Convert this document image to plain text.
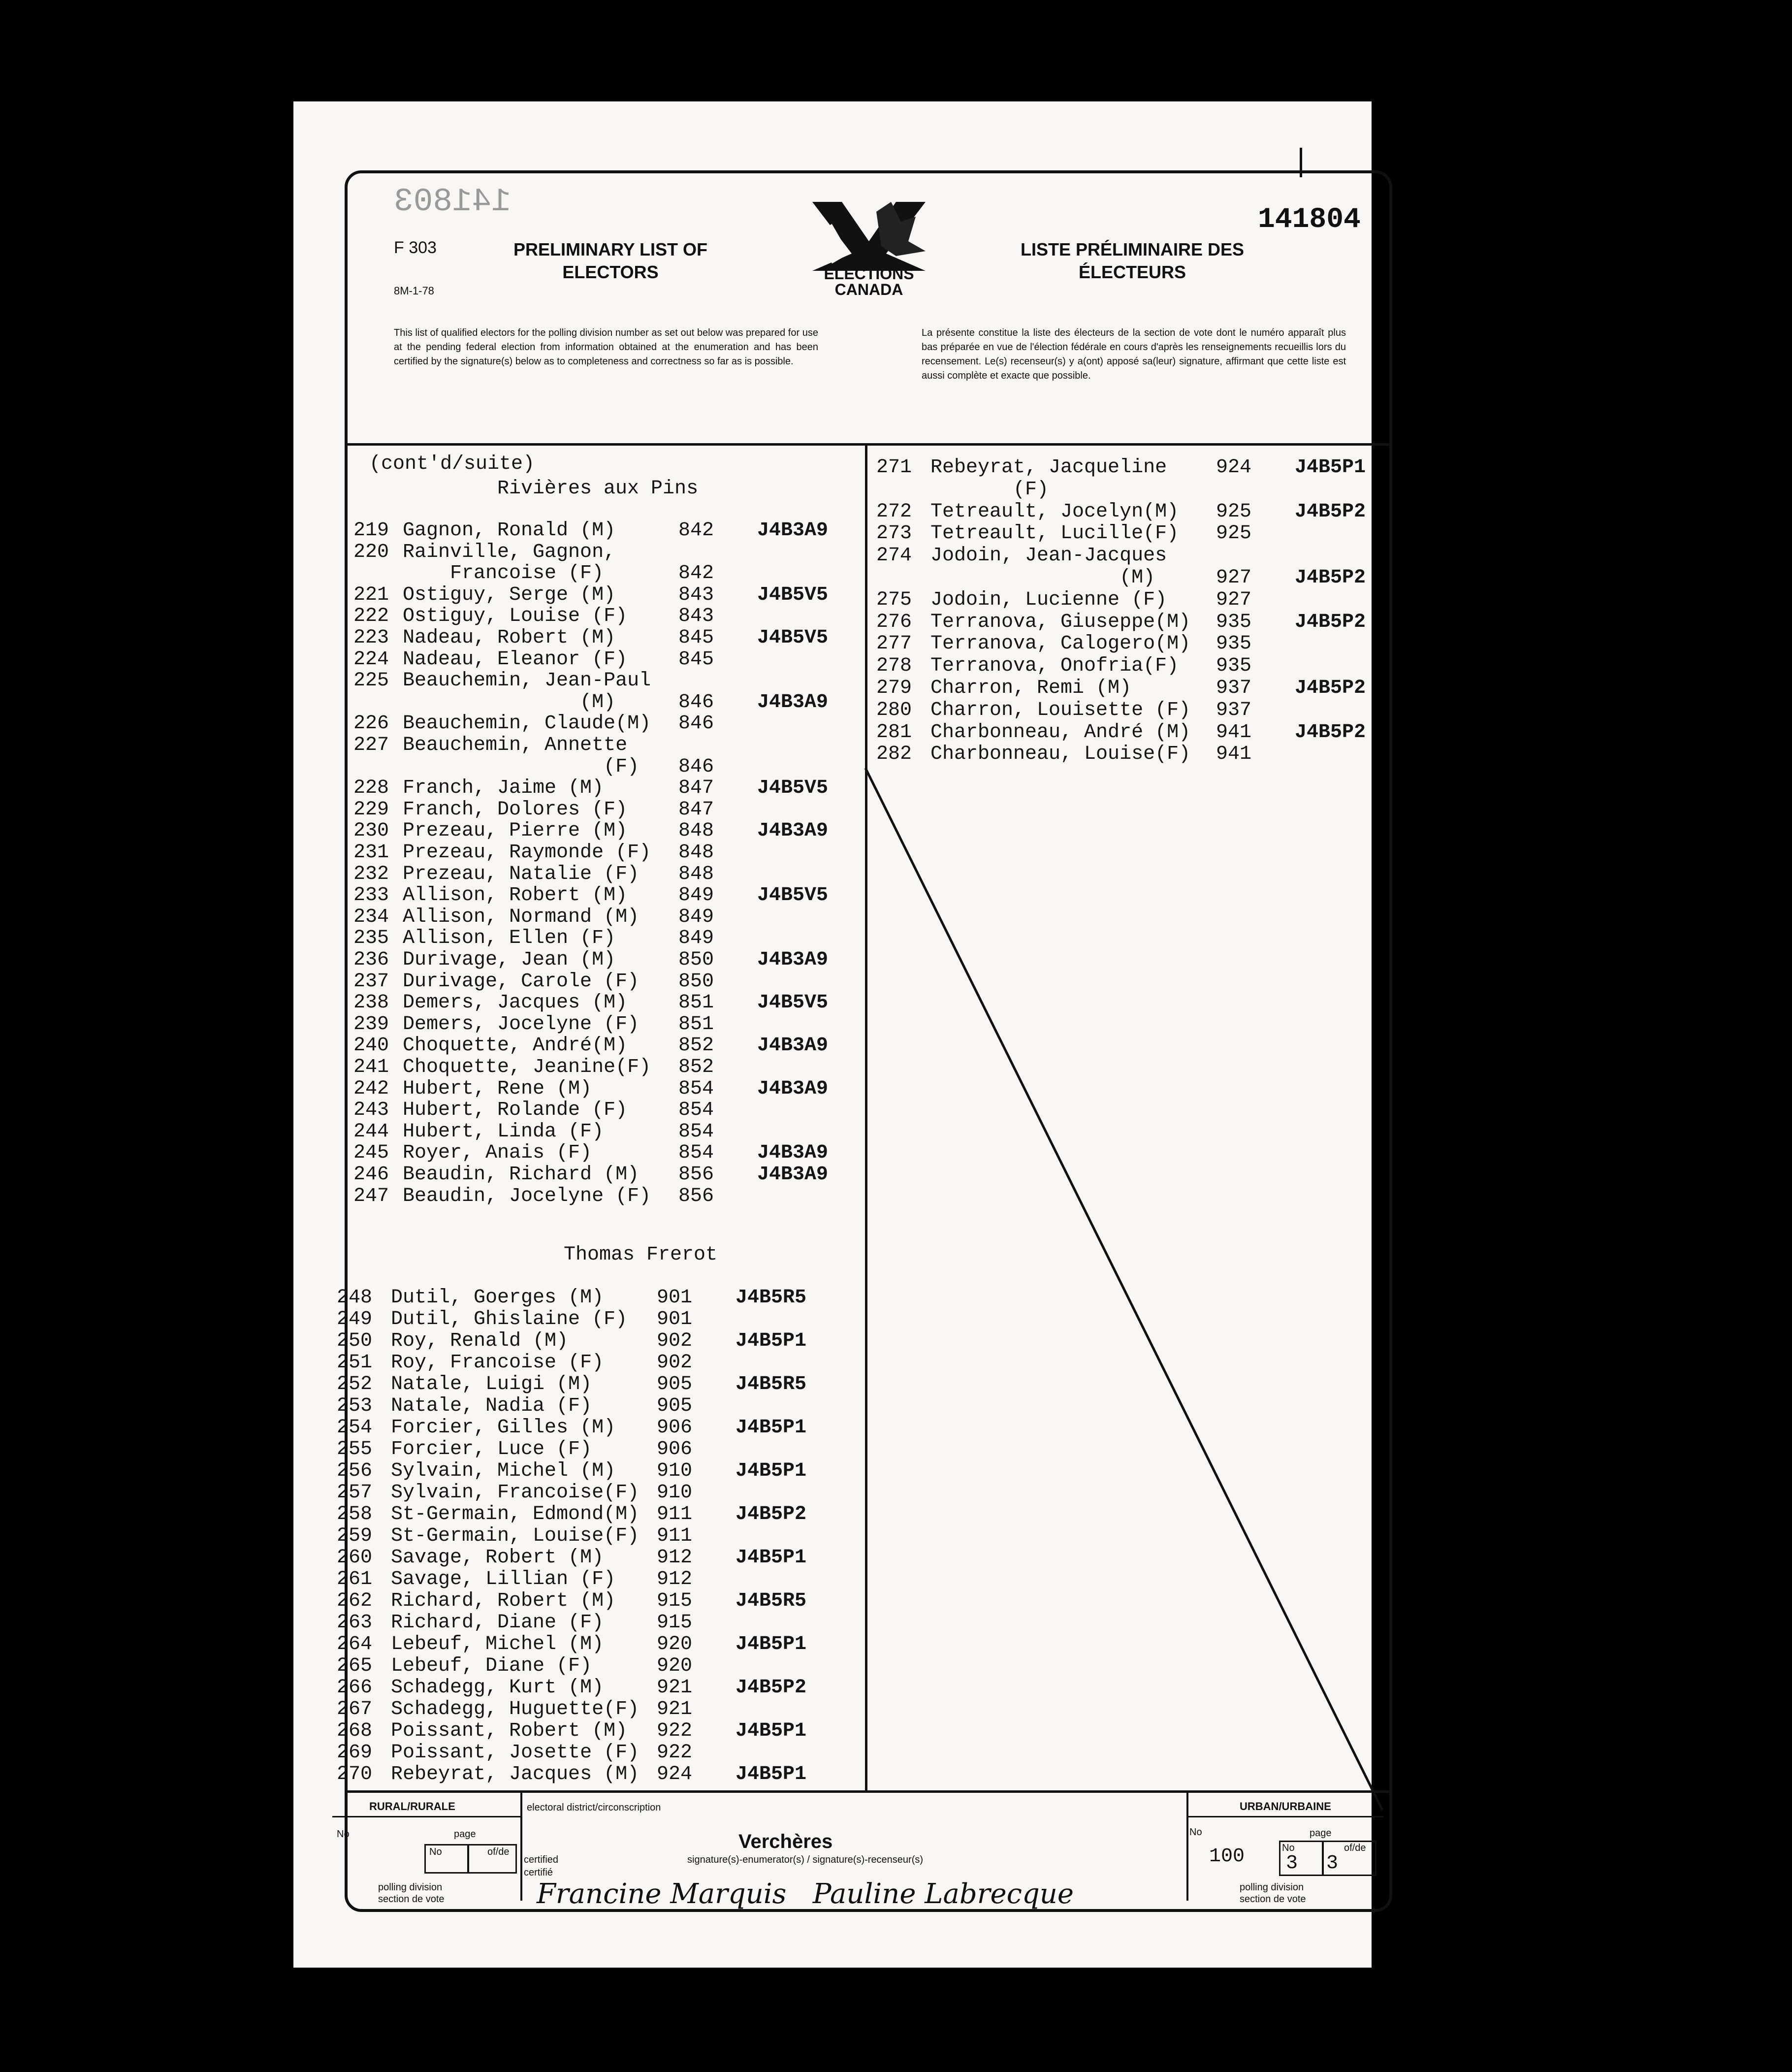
141803	141804
F 303
8M-1-78
PRELIMINARY LIST OF ELECTORS
LISTE PRÉLIMINAIRE DES ÉLECTEURS
ELECTIONS CANADA
This list of qualified electors for the polling division number as set out below was prepared for use at the pending federal election from information obtained at the enumeration and has been certified by the signature(s) below as to completeness and correctness so far as is possible.
La présente constitue la liste des électeurs de la section de vote dont le numéro apparaît plus bas préparée en vue de l'élection fédérale en cours d'après les renseignements recueillis lors du recensement. Le(s) recenseur(s) y a(ont) apposé sa(leur) signature, affirmant que cette liste est aussi complète et exacte que possible.
(cont'd/suite)
Rivières aux Pins
219 Gagnon, Ronald (M)	842 J4B3A9
220 Rainville, Gagnon,
Francoise (F)	842
221 Ostiguy, Serge (M)	843 J4B5V5
222 Ostiguy, Louise (F)	843
223 Nadeau, Robert (M)	845 J4B5V5
224 Nadeau, Eleanor (F)	845
225 Beauchemin, Jean-Paul
(M)	846 J4B3A9
226 Beauchemin, Claude(M) 846
227 Beauchemin, Annette
(F) 846
228 Franch, Jaime (M)	847 J4B5V5
229 Franch, Dolores (F)	847
230 Prezeau, Pierre (M)	848 J4B3A9
231 Prezeau, Raymonde (F) 848
232 Prezeau, Natalie (F) 848
233 Allison, Robert (M)	849 J4B5V5
234 Allison, Normand (M) 849
235 Allison, Ellen (F)	849
236 Durivage, Jean (M)	850 J4B3A9
237 Durivage, Carole (F) 850
238 Demers, Jacques (M)	851 J4B5V5
239 Demers, Jocelyne (F) 851
240 Choquette, André(M)	852 J4B3A9
241 Choquette, Jeanine(F) 852
242 Hubert, Rene (M)	854 J4B3A9
243 Hubert, Rolande (F)	854
244 Hubert, Linda (F)	854
245 Royer, Anais (F)	854 J4B3A9
246 Beaudin, Richard (M) 856 J4B3A9
247 Beaudin, Jocelyne (F) 856
Thomas Frerot
248 Dutil, Goerges (M)	901 J4B5R5
249 Dutil, Ghislaine (F) 901
250 Roy, Renald (M)	902 J4B5P1
251 Roy, Francoise (F)	902
252 Natale, Luigi (M)	905 J4B5R5
253 Natale, Nadia (F)	905
254 Forcier, Gilles (M) 906 J4B5P1
255 Forcier, Luce (F)	906
256 Sylvain, Michel (M) 910 J4B5P1
257 Sylvain, Francoise(F) 910
258 St-Germain, Edmond(M) 911 J4B5P2
259 St-Germain, Louise(F) 911
260 Savage, Robert (M)	912 J4B5P1
261 Savage, Lillian (F) 912
262 Richard, Robert (M) 915 J4B5R5
263 Richard, Diane (F)	915
264 Lebeuf, Michel (M)	920 J4B5P1
265 Lebeuf, Diane (F)	920
266 Schadegg, Kurt (M)	921 J4B5P2
267 Schadegg, Huguette(F) 921
268 Poissant, Robert (M) 922 J4B5P1
269 Poissant, Josette (F) 922
270 Rebeyrat, Jacques (M) 924 J4B5P1
271 Rebeyrat, Jacqueline 924 J4B5P1
(F)
272 Tetreault, Jocelyn(M) 925 J4B5P2
273 Tetreault, Lucille(F) 925
274 Jodoin, Jean-Jacques
(M)	927 J4B5P2
275 Jodoin, Lucienne (F) 927
276 Terranova, Giuseppe(M) 935 J4B5P2
277 Terranova, Calogero(M) 935
278 Terranova, Onofria(F) 935
279 Charron, Remi (M)	937 J4B5P2
280 Charron, Louisette (F) 937
281 Charbonneau, André (M) 941 J4B5P2
282 Charbonneau, Louise(F) 941
RURAL/RURALE	URBAN/URBAINE
electoral district/circonscription
No	page
No	of/de
polling division
section de vote
Verchères
signature(s)-enumerator(s) / signature(s)-recenseur(s)
certified
certifié
Francine Marquis   Pauline Labrecque
No	page
100	No	of/de
3 3
polling division
section de vote
